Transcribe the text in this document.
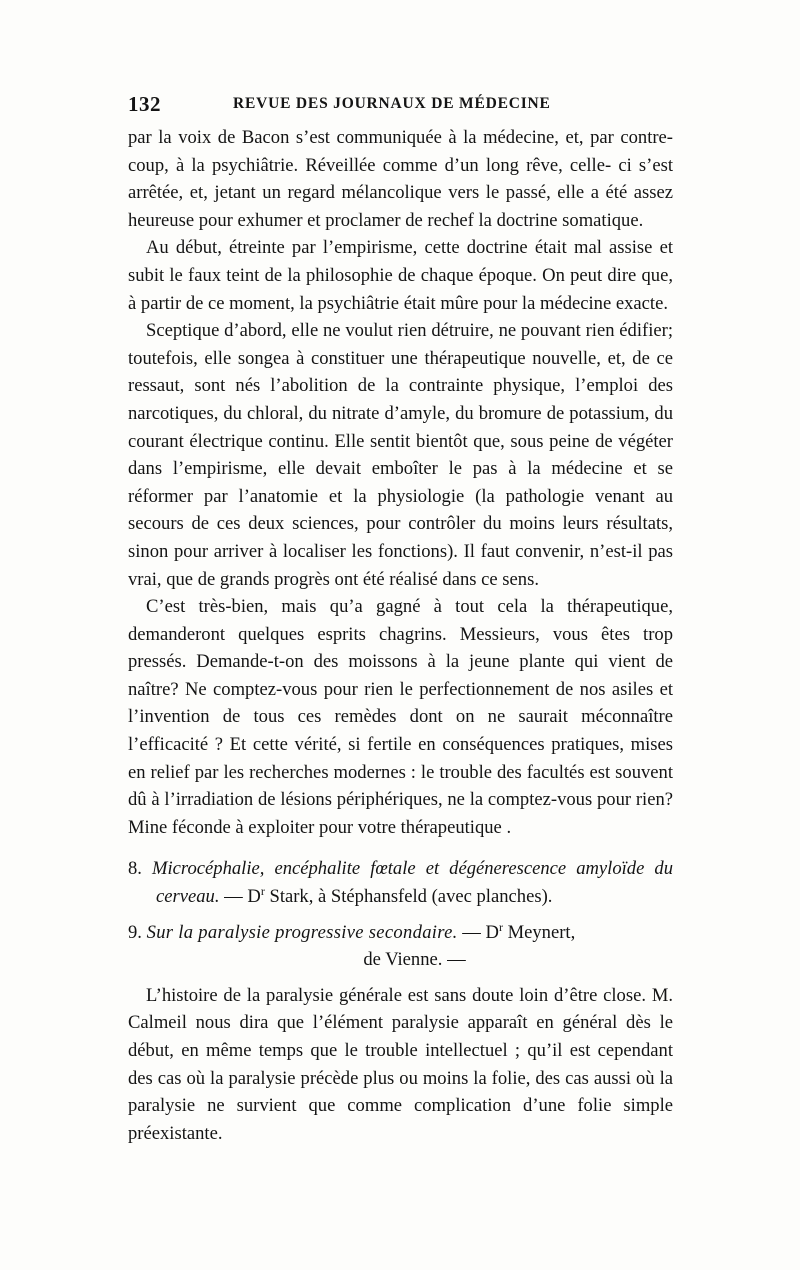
132	REVUE DES JOURNAUX DE MÉDECINE

par la voix de Bacon s’est communiquée à la médecine, et, par contre-coup, à la psychiâtrie. Réveillée comme d’un long rêve, celle- ci s’est arrêtée, et, jetant un regard mélancolique vers le passé, elle a été assez heureuse pour exhumer et proclamer de rechef la doctrine somatique.

Au début, étreinte par l’empirisme, cette doctrine était mal assise et subit le faux teint de la philosophie de chaque époque. On peut dire que, à partir de ce moment, la psychiâtrie était mûre pour la médecine exacte.

Sceptique d’abord, elle ne voulut rien détruire, ne pouvant rien édifier; toutefois, elle songea à constituer une thérapeutique nouvelle, et, de ce ressaut, sont nés l’abolition de la contrainte physique, l’emploi des narcotiques, du chloral, du nitrate d’amyle, du bromure de potassium, du courant électrique continu. Elle sentit bientôt que, sous peine de végéter dans l’empirisme, elle devait emboîter le pas à la médecine et se réformer par l’anatomie et la physiologie (la pathologie venant au secours de ces deux sciences, pour contrôler du moins leurs résultats, sinon pour arriver à localiser les fonctions). Il faut convenir, n’est-il pas vrai, que de grands progrès ont été réalisé dans ce sens.

C’est très-bien, mais qu’a gagné à tout cela la thérapeutique, demanderont quelques esprits chagrins. Messieurs, vous êtes trop pressés. Demande-t-on des moissons à la jeune plante qui vient de naître? Ne comptez-vous pour rien le perfectionnement de nos asiles et l’invention de tous ces remèdes dont on ne saurait méconnaître l’efficacité ? Et cette vérité, si fertile en conséquences pratiques, mises en relief par les recherches modernes : le trouble des facultés est souvent dû à l’irradiation de lésions périphériques, ne la comptez-vous pour rien? Mine féconde à exploiter pour votre thérapeutique .

8. Microcéphalie, encéphalite fœtale et dégénerescence amyloïde du cerveau. — $D^r$ Stark, à Stéphansfeld (avec planches).

9. Sur la paralysie progressive secondaire. — $D^r$ Meynert,
de Vienne. —

L’histoire de la paralysie générale est sans doute loin d’être close. M. Calmeil nous dira que l’élément paralysie apparaît en général dès le début, en même temps que le trouble intellectuel ; qu’il est cependant des cas où la paralysie précède plus ou moins la folie, des cas aussi où la paralysie ne survient que comme complication d’une folie simple préexistante.
